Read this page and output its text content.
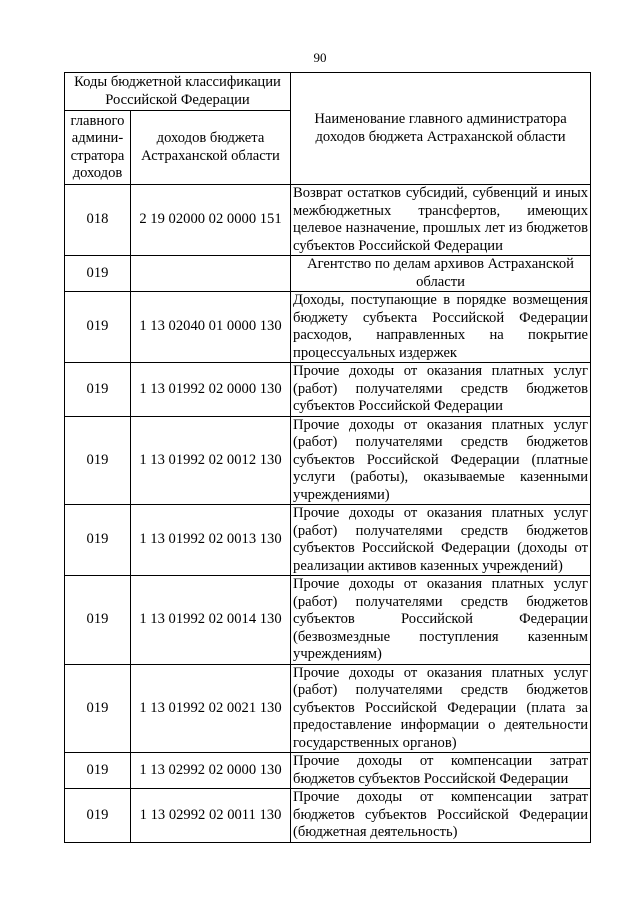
90
Коды бюджетной классификации Российской Федерации		Наименование главного администратора доходов бюджета Астраханской области
главного админи-стратора доходов	доходов бюджета Астраханской области	
018	2 19 02000 02 0000 151	Возврат остатков субсидий, субвенций и иных межбюджетных трансфертов, имеющих целевое назначение, прошлых лет из бюджетов субъектов Российской Федерации
019		Агентство по делам архивов Астраханской области
019	1 13 02040 01 0000 130	Доходы, поступающие в порядке возмещения бюджету субъекта Российской Федерации расходов, направленных на покрытие процессуальных издержек
019	1 13 01992 02 0000 130	Прочие доходы от оказания платных услуг (работ) получателями средств бюджетов субъектов Российской Федерации
019	1 13 01992 02 0012 130	Прочие доходы от оказания платных услуг (работ) получателями средств бюджетов субъектов Российской Федерации (платные услуги (работы), оказываемые казенными учреждениями)
019	1 13 01992 02 0013 130	Прочие доходы от оказания платных услуг (работ) получателями средств бюджетов субъектов Российской Федерации (доходы от реализации активов казенных учреждений)
019	1 13 01992 02 0014 130	Прочие доходы от оказания платных услуг (работ) получателями средств бюджетов субъектов Российской Федерации (безвозмездные поступления казенным учреждениям)
019	1 13 01992 02 0021 130	Прочие доходы от оказания платных услуг (работ) получателями средств бюджетов субъектов Российской Федерации (плата за предоставление информации о деятельности государственных органов)
019	1 13 02992 02 0000 130	Прочие доходы от компенсации затрат бюджетов субъектов Российской Федерации
019	1 13 02992 02 0011 130	Прочие доходы от компенсации затрат бюджетов субъектов Российской Федерации (бюджетная деятельность)
